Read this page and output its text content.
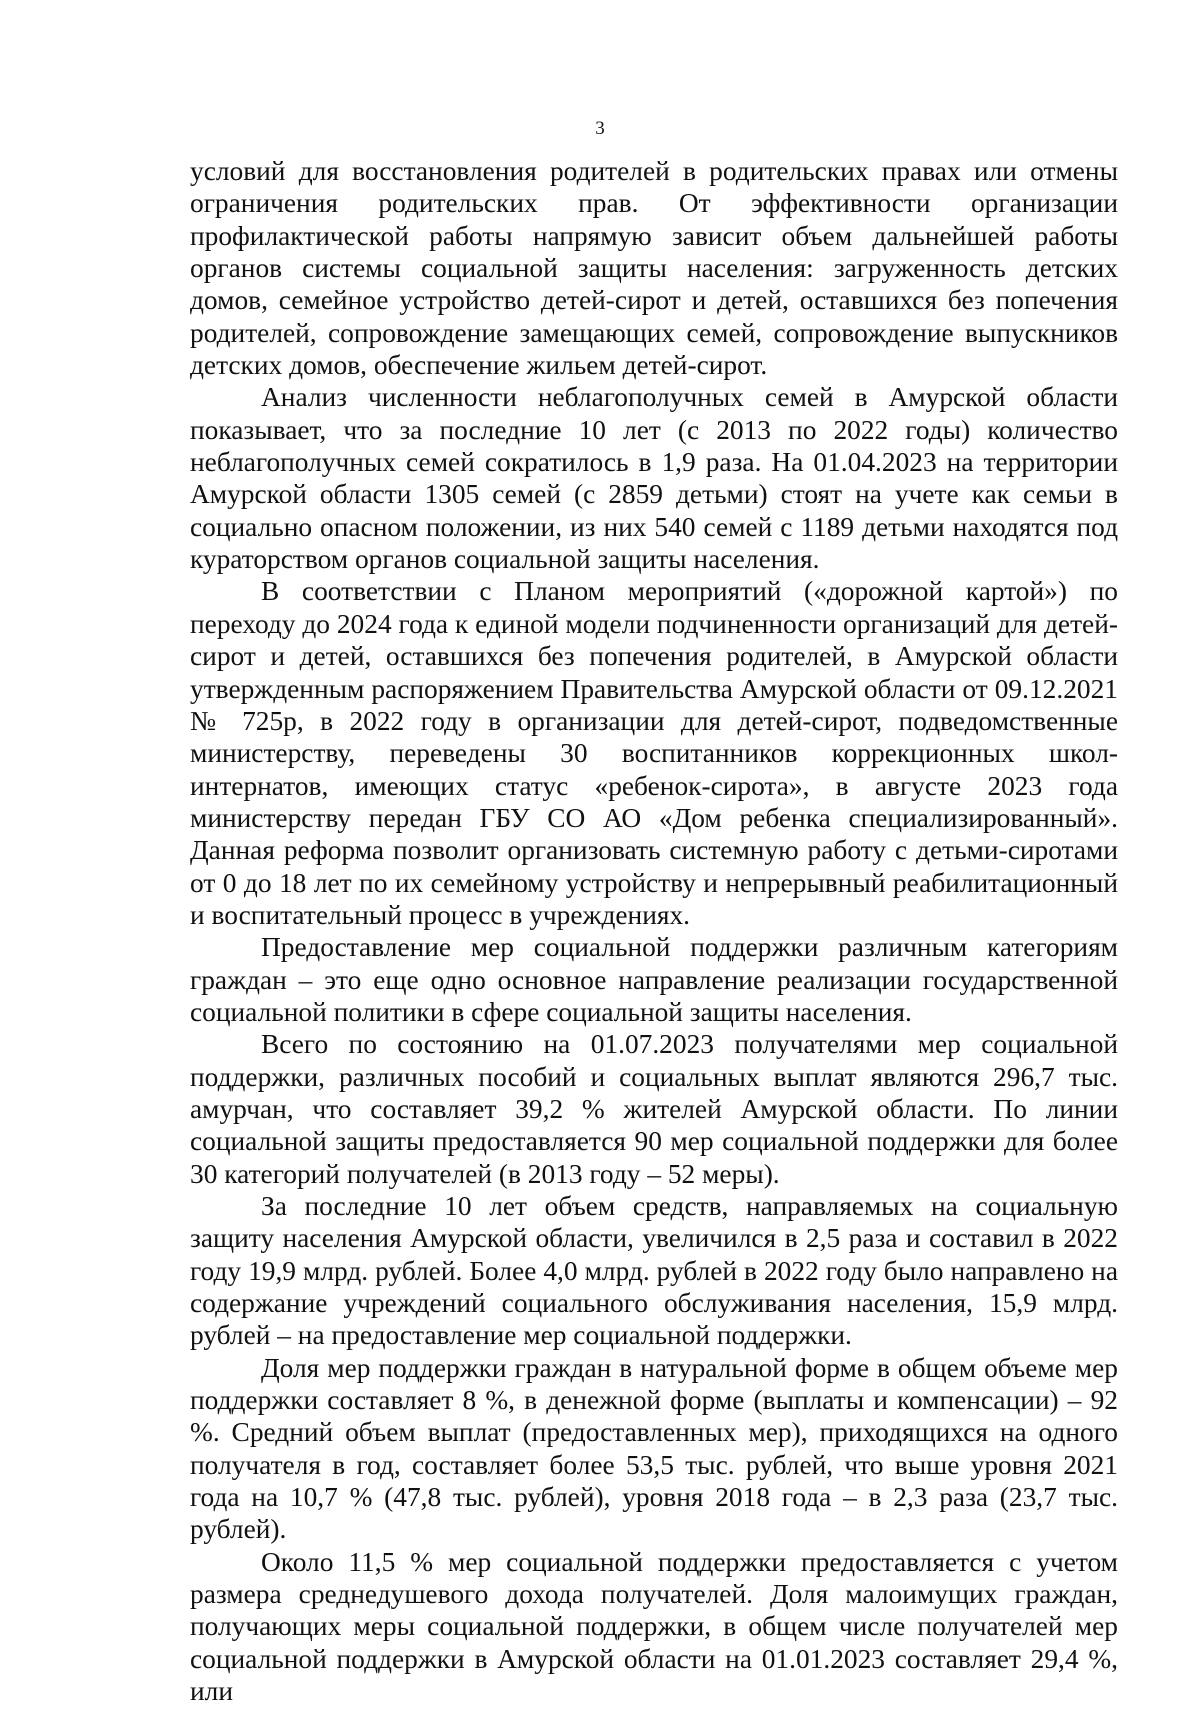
3

условий для восстановления родителей в родительских правах или отмены ограничения родительских прав. От эффективности организации профилактической работы напрямую зависит объем дальнейшей работы органов системы социальной защиты населения: загруженность детских домов, семейное устройство детей-сирот и детей, оставшихся без попечения родителей, сопровождение замещающих семей, сопровождение выпускников детских домов, обеспечение жильем детей-сирот.

Анализ численности неблагополучных семей в Амурской области показывает, что за последние 10 лет (с 2013 по 2022 годы) количество неблагополучных семей сократилось в 1,9 раза. На 01.04.2023 на территории Амурской области 1305 семей (с 2859 детьми) стоят на учете как семьи в социально опасном положении, из них 540 семей с 1189 детьми находятся под кураторством органов социальной защиты населения.

В соответствии с Планом мероприятий («дорожной картой») по переходу до 2024 года к единой модели подчиненности организаций для детей-сирот и детей, оставшихся без попечения родителей, в Амурской области утвержденным распоряжением Правительства Амурской области от 09.12.2021 № 725р, в 2022 году в организации для детей-сирот, подведомственные министерству, переведены 30 воспитанников коррекционных школ-интернатов, имеющих статус «ребенок-сирота», в августе 2023 года министерству передан ГБУ СО АО «Дом ребенка специализированный». Данная реформа позволит организовать системную работу с детьми-сиротами от 0 до 18 лет по их семейному устройству и непрерывный реабилитационный и воспитательный процесс в учреждениях.

Предоставление мер социальной поддержки различным категориям граждан – это еще одно основное направление реализации государственной социальной политики в сфере социальной защиты населения.

Всего по состоянию на 01.07.2023 получателями мер социальной поддержки, различных пособий и социальных выплат являются 296,7 тыс. амурчан, что составляет 39,2 % жителей Амурской области. По линии социальной защиты предоставляется 90 мер социальной поддержки для более 30 категорий получателей (в 2013 году – 52 меры).

За последние 10 лет объем средств, направляемых на социальную защиту населения Амурской области, увеличился в 2,5 раза и составил в 2022 году 19,9 млрд. рублей. Более 4,0 млрд. рублей в 2022 году было направлено на содержание учреждений социального обслуживания населения, 15,9 млрд. рублей – на предоставление мер социальной поддержки.

Доля мер поддержки граждан в натуральной форме в общем объеме мер поддержки составляет 8 %, в денежной форме (выплаты и компенсации) – 92 %. Средний объем выплат (предоставленных мер), приходящихся на одного получателя в год, составляет более 53,5 тыс. рублей, что выше уровня 2021 года на 10,7 % (47,8 тыс. рублей), уровня 2018 года – в 2,3 раза (23,7 тыс. рублей).

Около 11,5 % мер социальной поддержки предоставляется с учетом размера среднедушевого дохода получателей. Доля малоимущих граждан, получающих меры социальной поддержки, в общем числе получателей мер социальной поддержки в Амурской области на 01.01.2023 составляет 29,4 %, или
